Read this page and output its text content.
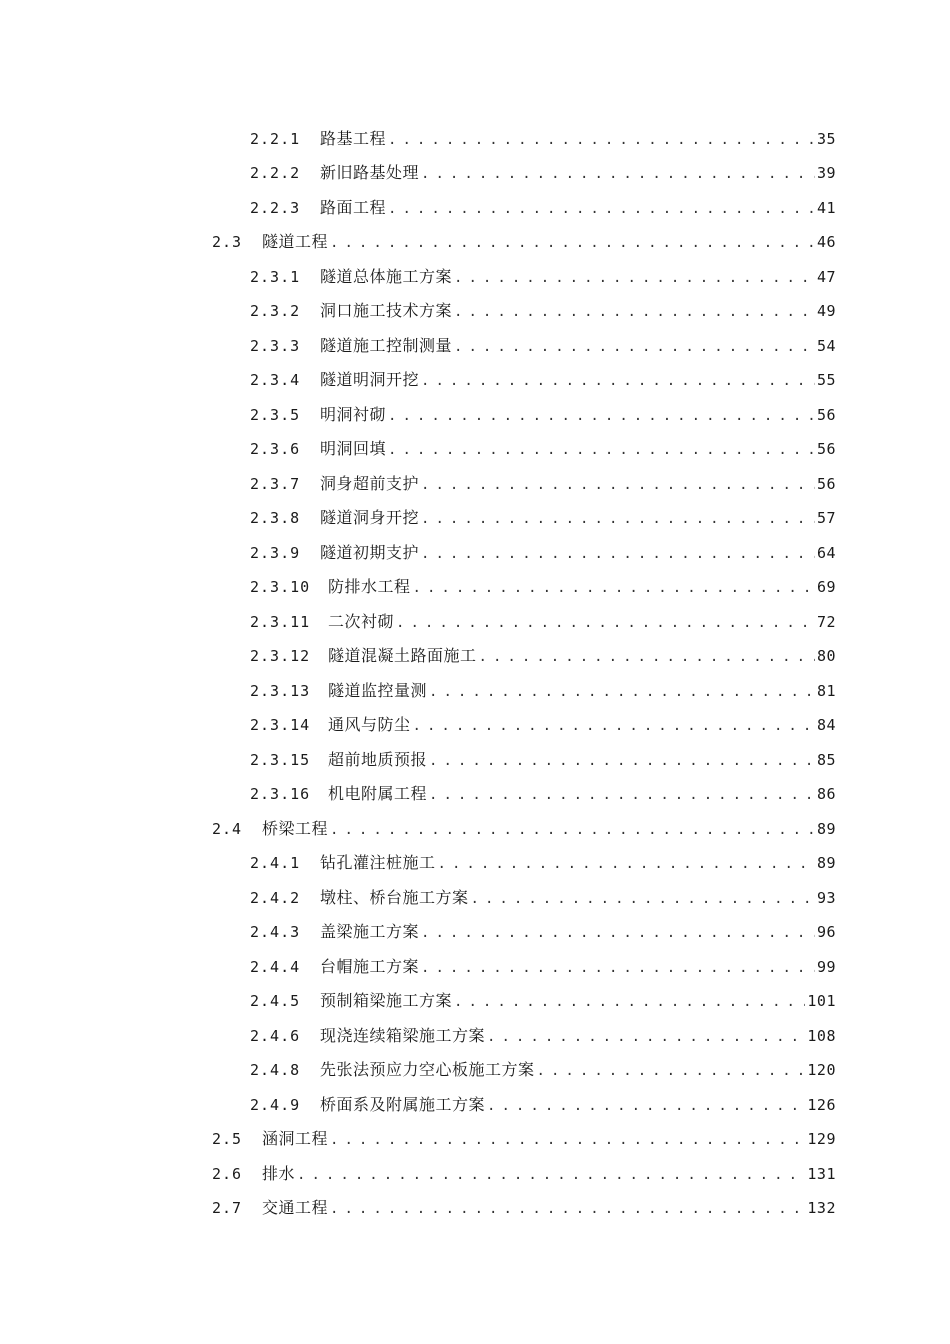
2.2.1	路基工程 . . .	35
2.2.2	新旧路基处理 . . .	39
2.2.3	路面工程 . . .	41
2.3	隧道工程 . . .	46
2.3.1	隧道总体施工方案 . . .	47
2.3.2	洞口施工技术方案 . . .	49
2.3.3	隧道施工控制测量 . . .	54
2.3.4	隧道明洞开挖 . . .	55
2.3.5	明洞衬砌 . . .	56
2.3.6	明洞回填 . . .	56
2.3.7	洞身超前支护 . . .	56
2.3.8	隧道洞身开挖 . . .	57
2.3.9	隧道初期支护 . . .	64
2.3.10	防排水工程 . . .	69
2.3.11	二次衬砌 . . .	72
2.3.12	隧道混凝土路面施工 . . .	80
2.3.13	隧道监控量测 . . .	81
2.3.14	通风与防尘 . . .	84
2.3.15	超前地质预报 . . .	85
2.3.16	机电附属工程 . . .	86
2.4	桥梁工程 . . .	89
2.4.1	钻孔灌注桩施工 . . .	89
2.4.2	墩柱、桥台施工方案 . . .	93
2.4.3	盖梁施工方案 . . .	96
2.4.4	台帽施工方案 . . .	99
2.4.5	预制箱梁施工方案 . . .	101
2.4.6	现浇连续箱梁施工方案 . . .	108
2.4.8	先张法预应力空心板施工方案 . . .	120
2.4.9	桥面系及附属施工方案 . . .	126
2.5	涵洞工程 . . .	129
2.6	排水 . . .	131
2.7	交通工程 . . .	132
